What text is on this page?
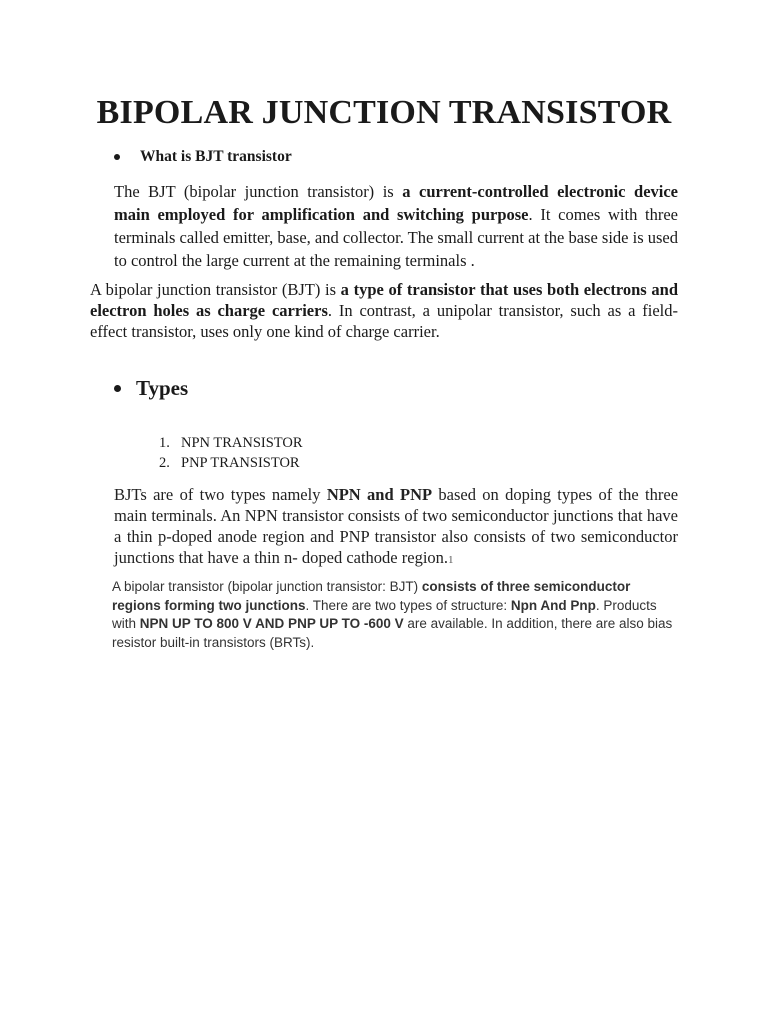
BIPOLAR JUNCTION TRANSISTOR
What is BJT transistor

The BJT (bipolar junction transistor) is a current-controlled electronic device main employed for amplification and switching purpose. It comes with three terminals called emitter, base, and collector. The small current at the base side is used to control the large current at the remaining terminals .

A bipolar junction transistor (BJT) is a type of transistor that uses both electrons and electron holes as charge carriers. In contrast, a unipolar transistor, such as a field-effect transistor, uses only one kind of charge carrier.

Types
1. NPN TRANSISTOR
2. PNP TRANSISTOR

BJTs are of two types namely NPN and PNP based on doping types of the three main terminals. An NPN transistor consists of two semiconductor junctions that have a thin p-doped anode region and PNP transistor also consists of two semiconductor junctions that have a thin n- doped cathode region.1

A bipolar transistor (bipolar junction transistor: BJT) consists of three semiconductor regions forming two junctions. There are two types of structure: Npn And Pnp. Products with NPN UP TO 800 V AND PNP UP TO -600 V are available. In addition, there are also bias resistor built-in transistors (BRTs).
